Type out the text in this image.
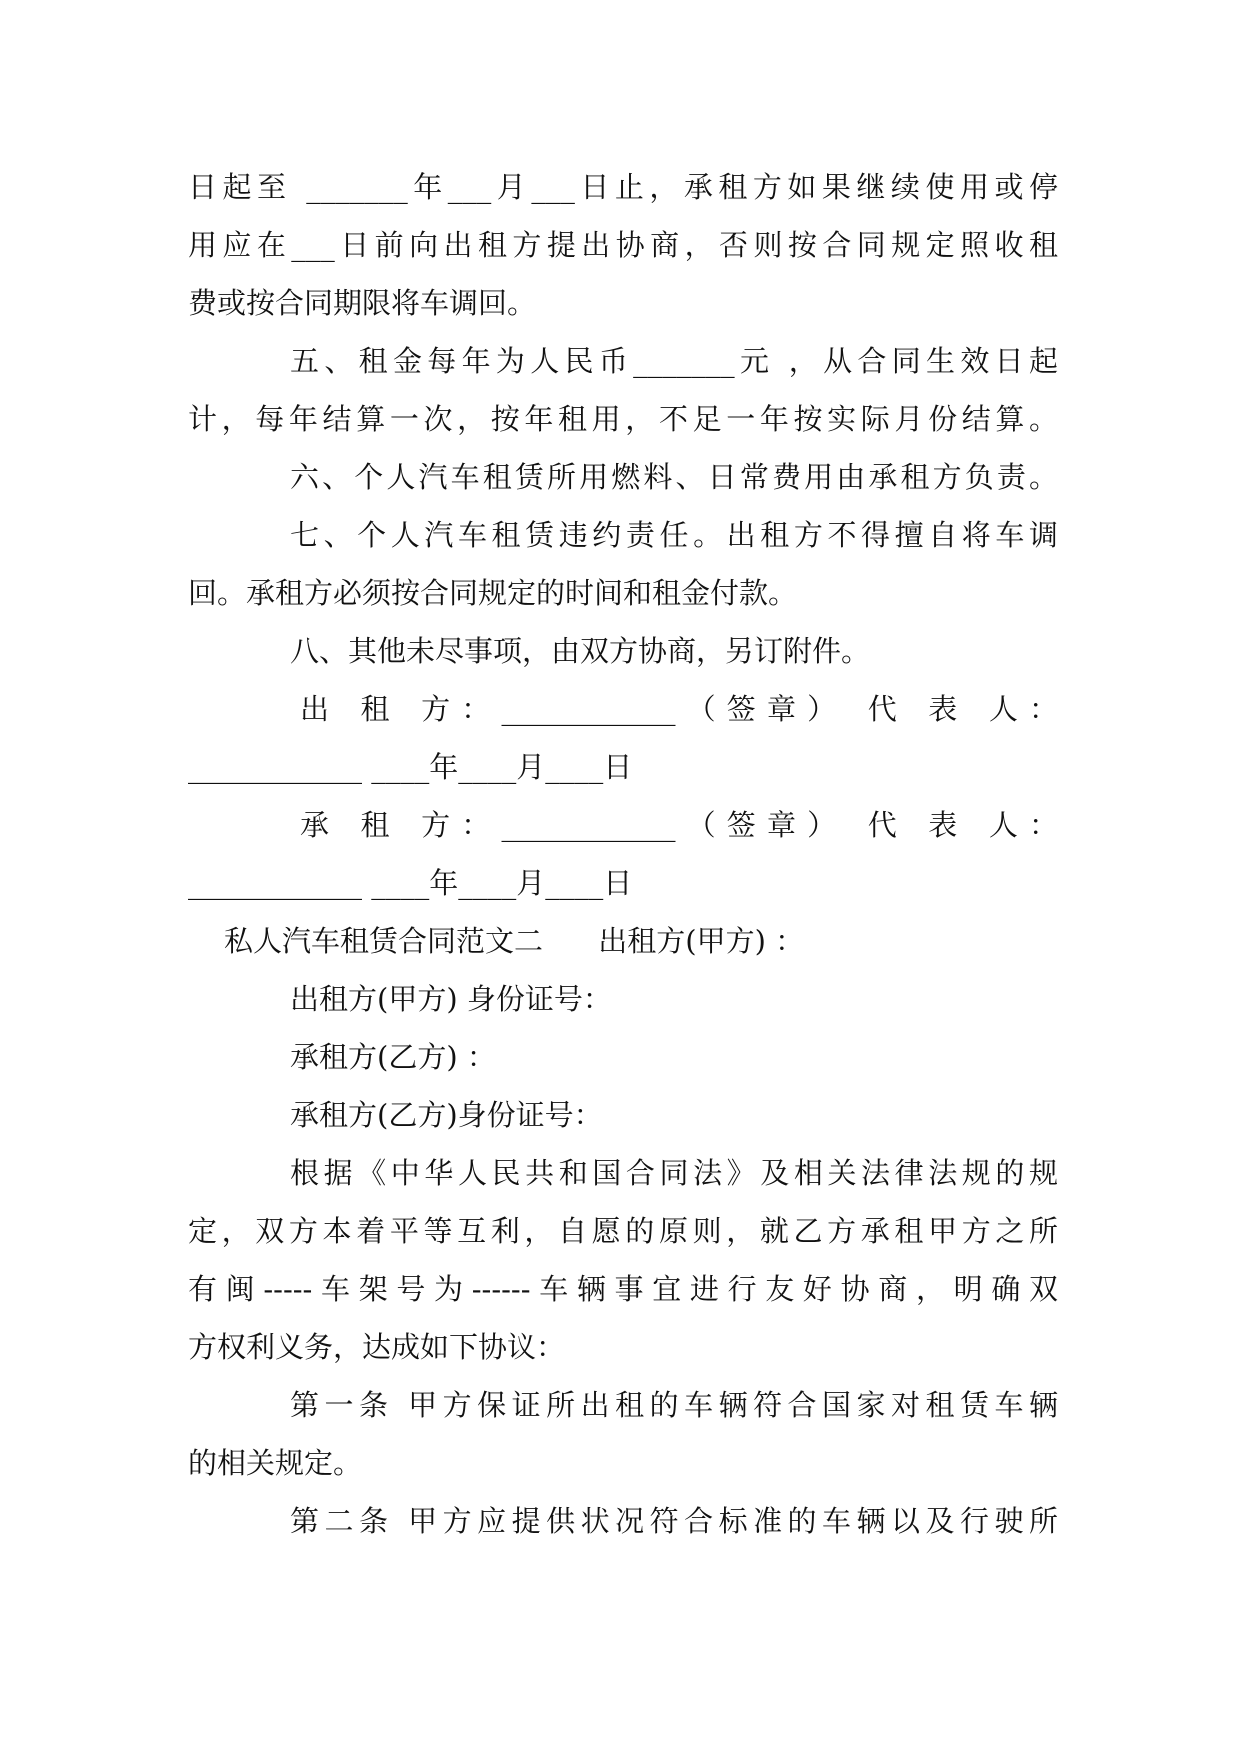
日起至 _______年___月___日止，承租方如果继续使用或停
用应在___日前向出租方提出协商，否则按合同规定照收租
费或按合同期限将车调回。
五、租金每年为人民币_______元 ，从合同生效日起
计，每年结算一次，按年租用，不足一年按实际月份结算。
六、个人汽车租赁所用燃料、日常费用由承租方负责。
七、个人汽车租赁违约责任。出租方不得擅自将车调
回。承租方必须按合同规定的时间和租金付款。
八、其他未尽事项，由双方协商，另订附件。
出 租 方：____________（签章） 代 表 人：
____________ ____年____月____日
承 租 方：____________（签章） 代 表 人：
____________ ____年____月____日
私人汽车租赁合同范文二      出租方(甲方) ：
出租方(甲方) 身份证号：
承租方(乙方) ：
承租方(乙方)身份证号：
根据《中华人民共和国合同法》及相关法律法规的规
定，双方本着平等互利，自愿的原则，就乙方承租甲方之所
有闽-----车架号为------车辆事宜进行友好协商，明确双
方权利义务，达成如下协议：
第一条 甲方保证所出租的车辆符合国家对租赁车辆
的相关规定。
第二条 甲方应提供状况符合标准的车辆以及行驶所
